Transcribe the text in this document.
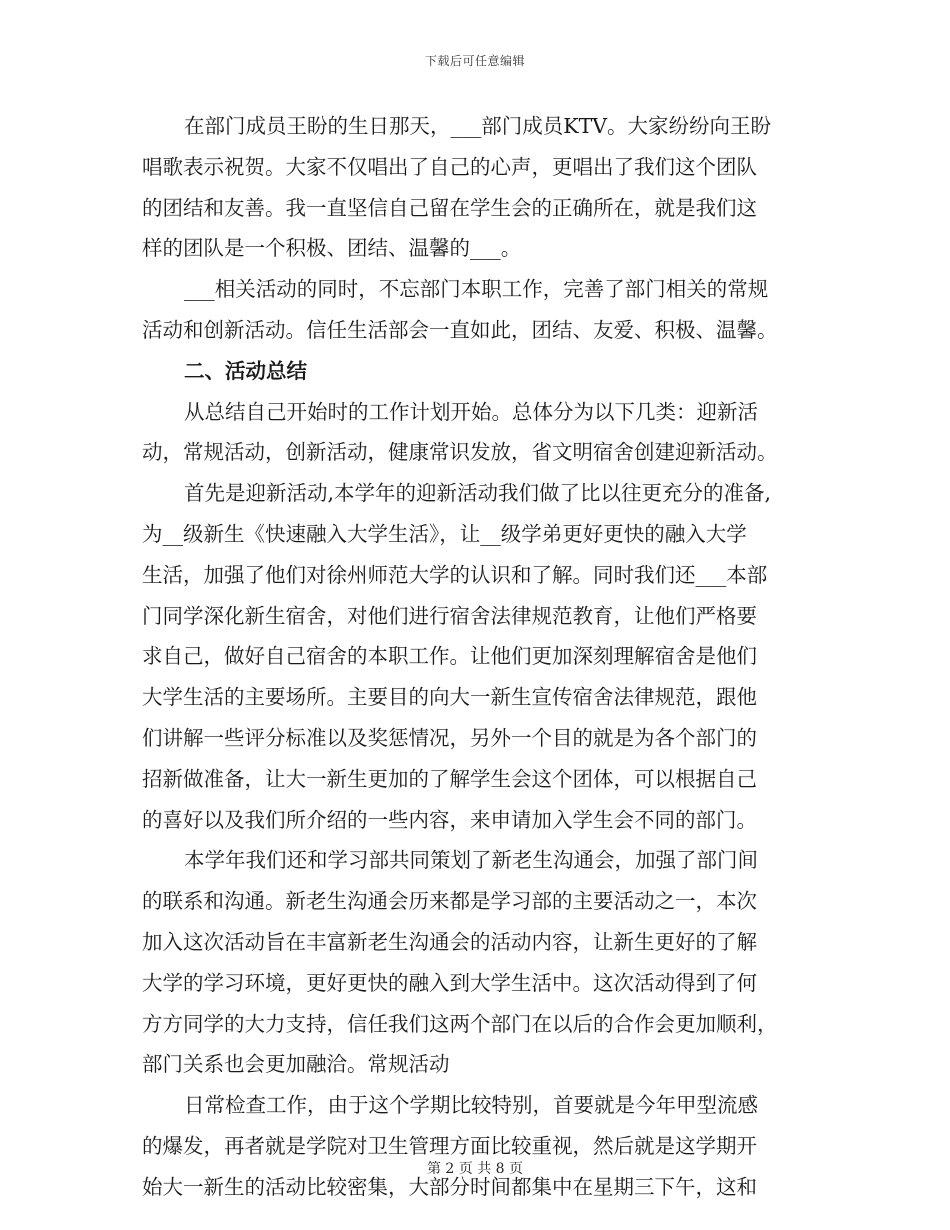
下载后可任意编辑
在部门成员王盼的生日那天，___部门成员KTV。大家纷纷向王盼
唱歌表示祝贺。大家不仅唱出了自己的心声，更唱出了我们这个团队
的团结和友善。我一直坚信自己留在学生会的正确所在，就是我们这
样的团队是一个积极、团结、温馨的___。
___相关活动的同时，不忘部门本职工作，完善了部门相关的常规
活动和创新活动。信任生活部会一直如此，团结、友爱、积极、温馨。
二、活动总结
从总结自己开始时的工作计划开始。总体分为以下几类：迎新活
动，常规活动，创新活动，健康常识发放，省文明宿舍创建迎新活动。
首先是迎新活动,本学年的迎新活动我们做了比以往更充分的准备,
为__级新生《快速融入大学生活》，让__级学弟更好更快的融入大学
生活，加强了他们对徐州师范大学的认识和了解。同时我们还___本部
门同学深化新生宿舍，对他们进行宿舍法律规范教育，让他们严格要
求自己，做好自己宿舍的本职工作。让他们更加深刻理解宿舍是他们
大学生活的主要场所。主要目的向大一新生宣传宿舍法律规范，跟他
们讲解一些评分标准以及奖惩情况，另外一个目的就是为各个部门的
招新做准备，让大一新生更加的了解学生会这个团体，可以根据自己
的喜好以及我们所介绍的一些内容，来申请加入学生会不同的部门。
本学年我们还和学习部共同策划了新老生沟通会，加强了部门间
的联系和沟通。新老生沟通会历来都是学习部的主要活动之一，本次
加入这次活动旨在丰富新老生沟通会的活动内容，让新生更好的了解
大学的学习环境，更好更快的融入到大学生活中。这次活动得到了何
方方同学的大力支持，信任我们这两个部门在以后的合作会更加顺利，
部门关系也会更加融洽。常规活动
日常检查工作，由于这个学期比较特别，首要就是今年甲型流感
的爆发，再者就是学院对卫生管理方面比较重视，然后就是这学期开
始大一新生的活动比较密集，大部分时间都集中在星期三下午，这和
第 2 页 共 8 页
